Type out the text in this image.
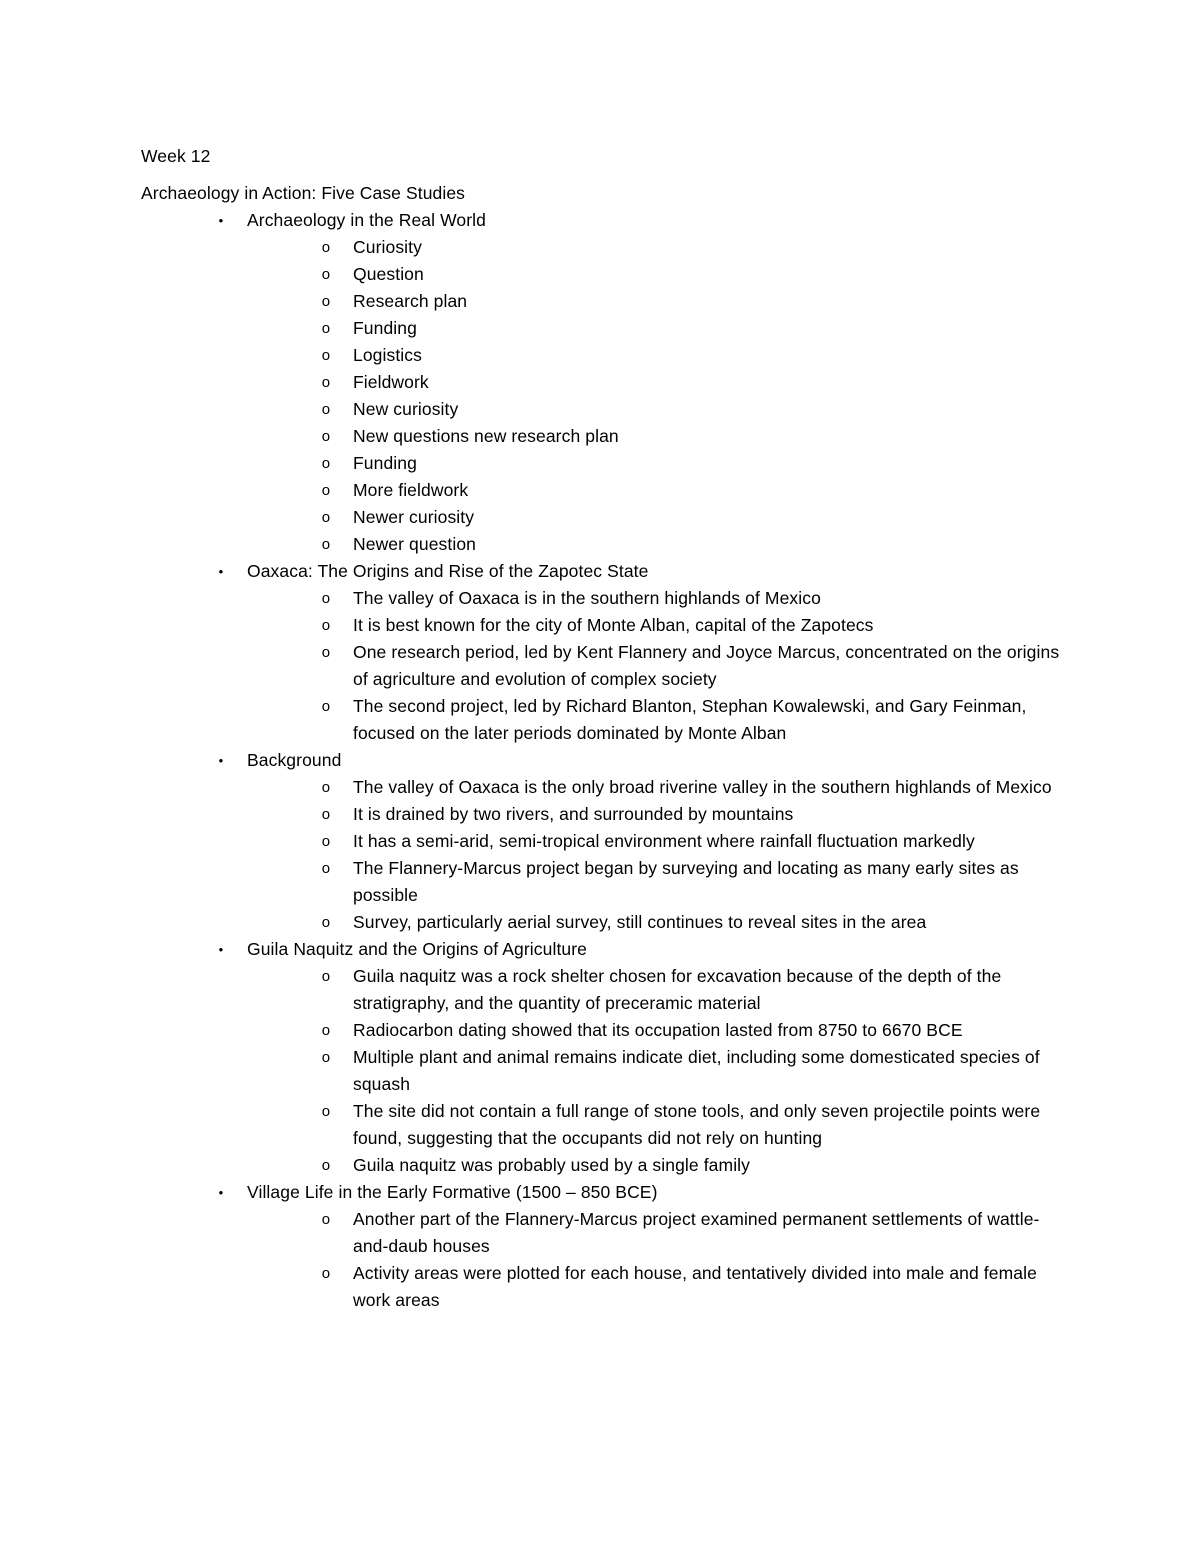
Week 12
Archaeology in Action: Five Case Studies
• Archaeology in the Real World
o Curiosity
o Question
o Research plan
o Funding
o Logistics
o Fieldwork
o New curiosity
o New questions new research plan
o Funding
o More fieldwork
o Newer curiosity
o Newer question
• Oaxaca: The Origins and Rise of the Zapotec State
o The valley of Oaxaca is in the southern highlands of Mexico
o It is best known for the city of Monte Alban, capital of the Zapotecs
o One research period, led by Kent Flannery and Joyce Marcus, concentrated on the origins of agriculture and evolution of complex society
o The second project, led by Richard Blanton, Stephan Kowalewski, and Gary Feinman, focused on the later periods dominated by Monte Alban
• Background
o The valley of Oaxaca is the only broad riverine valley in the southern highlands of Mexico
o It is drained by two rivers, and surrounded by mountains
o It has a semi-arid, semi-tropical environment where rainfall fluctuation markedly
o The Flannery-Marcus project began by surveying and locating as many early sites as possible
o Survey, particularly aerial survey, still continues to reveal sites in the area
• Guila Naquitz and the Origins of Agriculture
o Guila naquitz was a rock shelter chosen for excavation because of the depth of the stratigraphy, and the quantity of preceramic material
o Radiocarbon dating showed that its occupation lasted from 8750 to 6670 BCE
o Multiple plant and animal remains indicate diet, including some domesticated species of squash
o The site did not contain a full range of stone tools, and only seven projectile points were found, suggesting that the occupants did not rely on hunting
o Guila naquitz was probably used by a single family
• Village Life in the Early Formative (1500 – 850 BCE)
o Another part of the Flannery-Marcus project examined permanent settlements of wattle-and-daub houses
o Activity areas were plotted for each house, and tentatively divided into male and female work areas
